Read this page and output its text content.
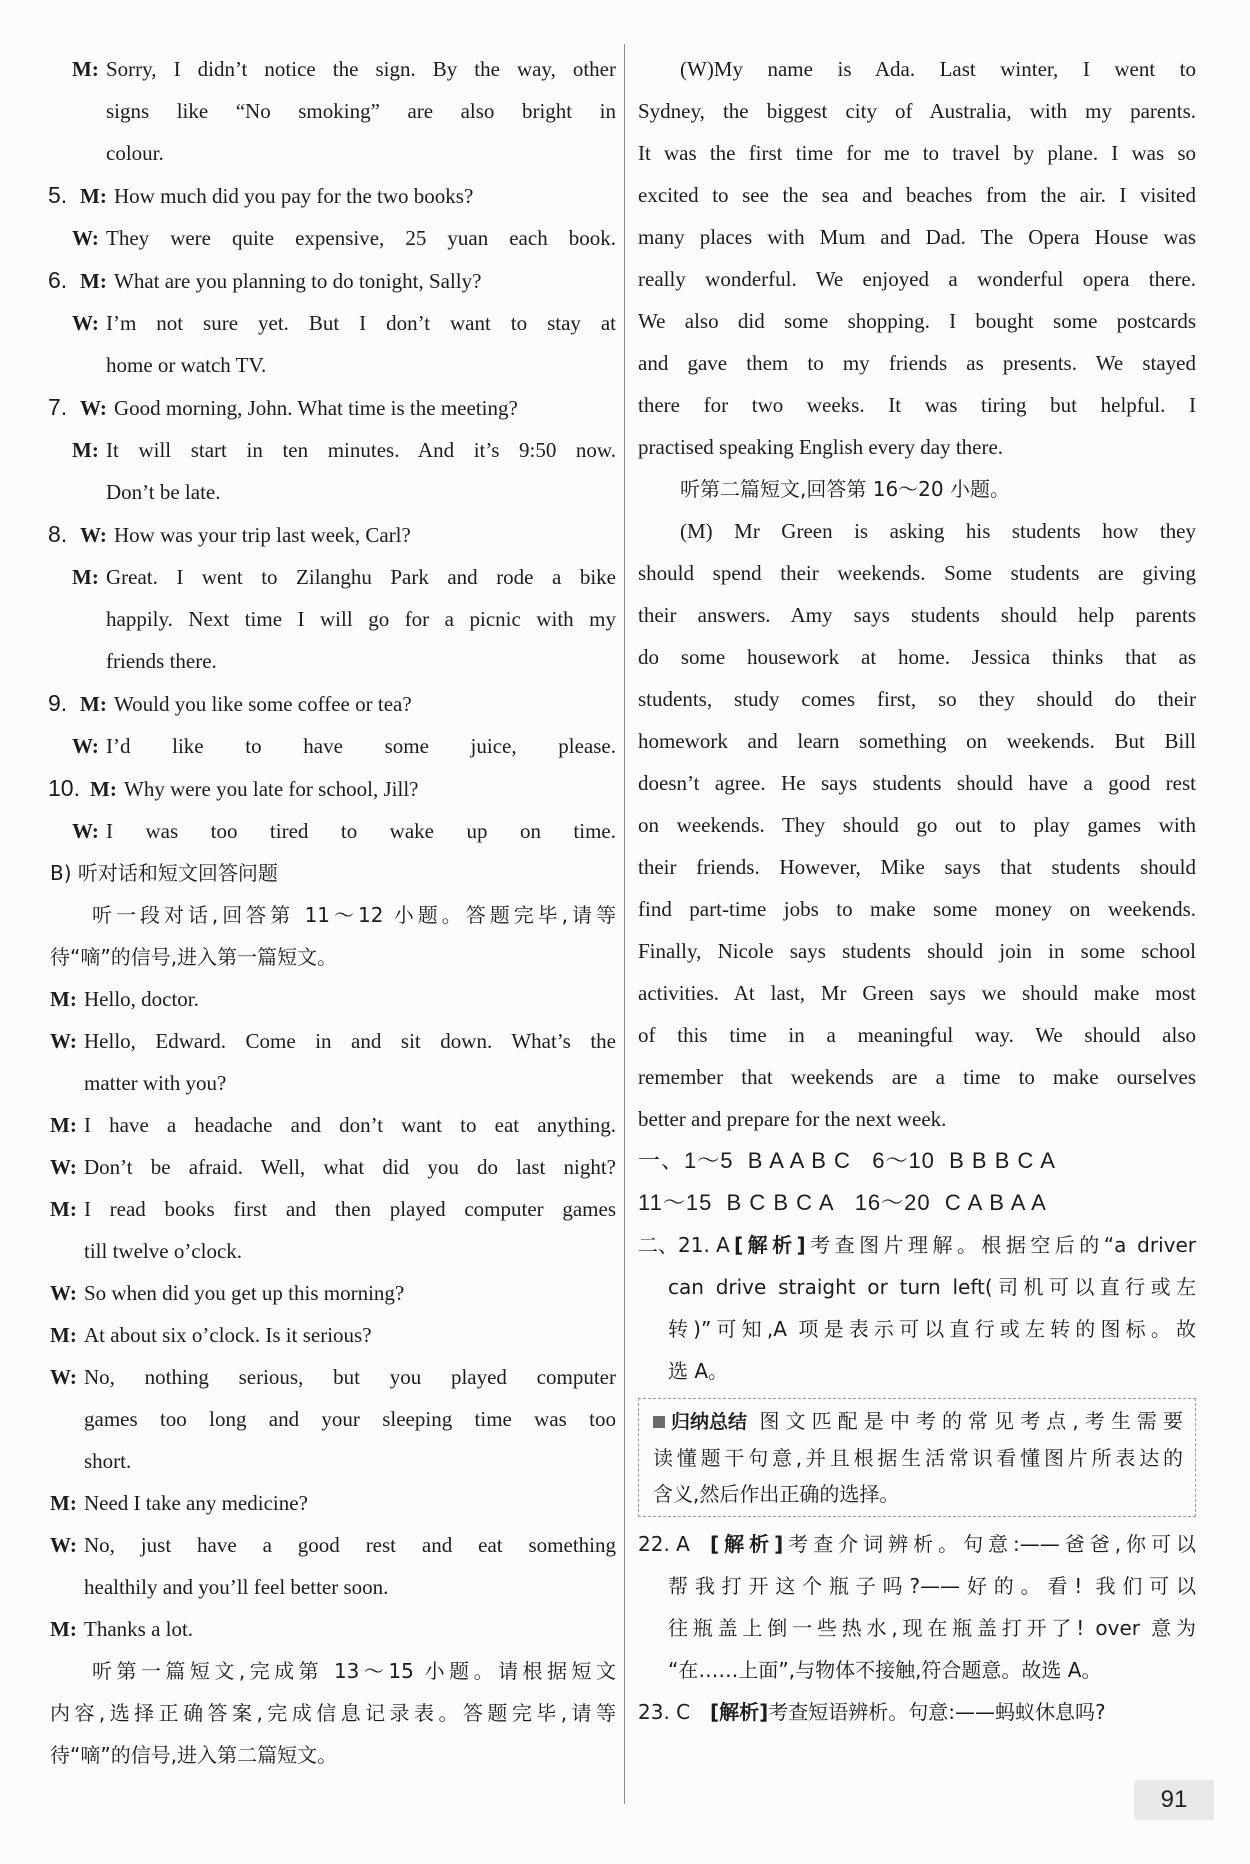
M: Sorry, I didn’t notice the sign. By the way, other

signs like “No smoking” are also bright in

colour.

5. M: How much did you pay for the two books?

W: They were quite expensive, 25 yuan each book.

6. M: What are you planning to do tonight, Sally?

W: I’m not sure yet. But I don’t want to stay at

home or watch TV.

7. W: Good morning, John. What time is the meeting?

M: It will start in ten minutes. And it’s 9:50 now.

Don’t be late.

8. W: How was your trip last week, Carl?

M: Great. I went to Zilanghu Park and rode a bike

happily. Next time I will go for a picnic with my

friends there.

9. M: Would you like some coffee or tea?

W: I’d like to have some juice, please.

10. M: Why were you late for school, Jill?

W: I was too tired to wake up on time.

B) 听对话和短文回答问题

听一段对话,回答第 11～12 小题。答题完毕,请等

待“嘀”的信号,进入第一篇短文。

M: Hello, doctor.

W: Hello, Edward. Come in and sit down. What’s the

matter with you?

M: I have a headache and don’t want to eat anything.

W: Don’t be afraid. Well, what did you do last night?

M: I read books first and then played computer games

till twelve o’clock.

W: So when did you get up this morning?

M: At about six o’clock. Is it serious?

W: No, nothing serious, but you played computer

games too long and your sleeping time was too

short.

M: Need I take any medicine?

W: No, just have a good rest and eat something

healthily and you’ll feel better soon.

M: Thanks a lot.

听第一篇短文,完成第 13～15 小题。请根据短文

内容,选择正确答案,完成信息记录表。答题完毕,请等

待“嘀”的信号,进入第二篇短文。

(W)My name is Ada. Last winter, I went to

Sydney, the biggest city of Australia, with my parents.

It was the first time for me to travel by plane. I was so

excited to see the sea and beaches from the air. I visited

many places with Mum and Dad. The Opera House was

really wonderful. We enjoyed a wonderful opera there.

We also did some shopping. I bought some postcards

and gave them to my friends as presents. We stayed

there for two weeks. It was tiring but helpful. I

practised speaking English every day there.

听第二篇短文,回答第 16～20 小题。

(M) Mr Green is asking his students how they

should spend their weekends. Some students are giving

their answers. Amy says students should help parents

do some housework at home. Jessica thinks that as

students, study comes first, so they should do their

homework and learn something on weekends. But Bill

doesn’t agree. He says students should have a good rest

on weekends. They should go out to play games with

their friends. However, Mike says that students should

find part-time jobs to make some money on weekends.

Finally, Nicole says students should join in some school

activities. At last, Mr Green says we should make most

of this time in a meaningful way. We should also

remember that weekends are a time to make ourselves

better and prepare for the next week.

一、1～5  B A A B C   6～10  B B B C A

11～15  B C B C A   16～20  C A B A A

二、21. A [解析]考查图片理解。根据空后的“a driver

can drive straight or turn left(司机可以直行或左

转)”可知,A 项是表示可以直行或左转的图标。故

选 A。

归纳总结 图文匹配是中考的常见考点,考生需要

读懂题干句意,并且根据生活常识看懂图片所表达的

含义,然后作出正确的选择。

22. A	[解析]考查介词辨析。句意:——爸爸,你可以

帮我打开这个瓶子吗?——好的。看! 我们可以

往瓶盖上倒一些热水,现在瓶盖打开了! over 意为

“在……上面”,与物体不接触,符合题意。故选 A。

23. C [解析]考查短语辨析。句意:——蚂蚁休息吗?

91
